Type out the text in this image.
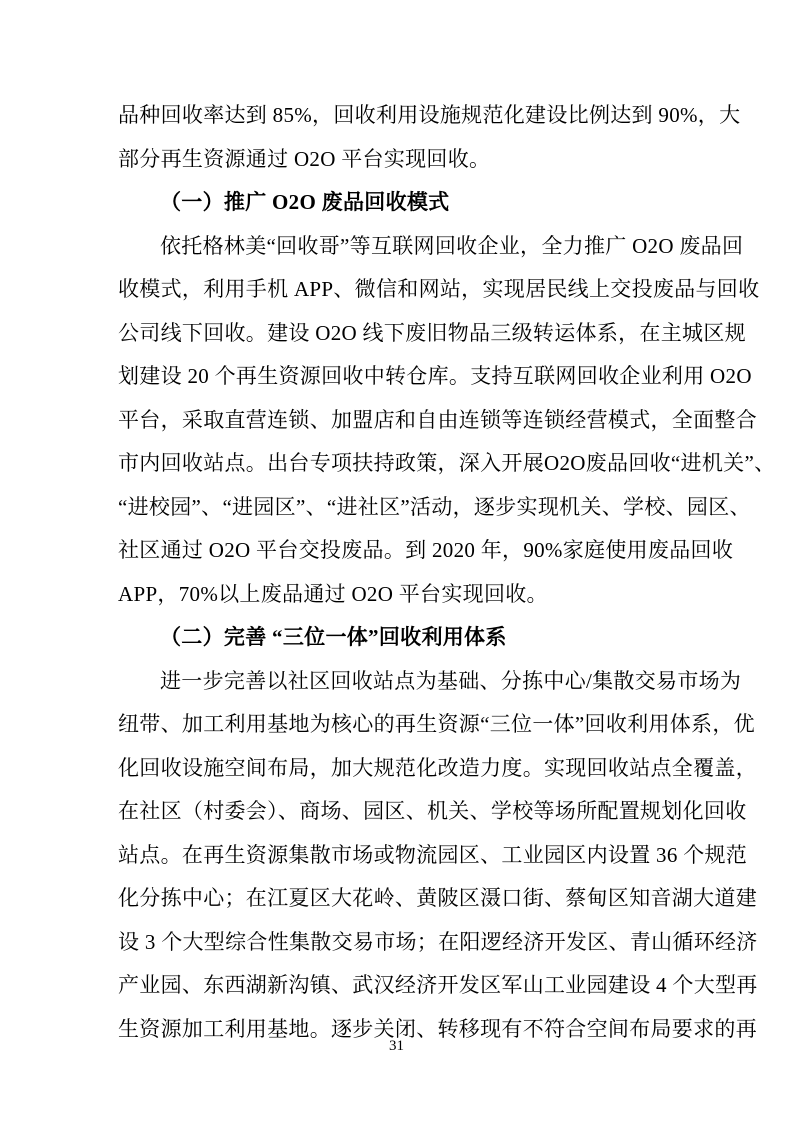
品种回收率达到 85%，回收利用设施规范化建设比例达到 90%，大
部分再生资源通过 O2O 平台实现回收。
（一）推广 O2O 废品回收模式
依托格林美“回收哥”等互联网回收企业，全力推广 O2O 废品回
收模式，利用手机 APP、微信和网站，实现居民线上交投废品与回收
公司线下回收。建设 O2O 线下废旧物品三级转运体系，在主城区规
划建设 20 个再生资源回收中转仓库。支持互联网回收企业利用 O2O
平台，采取直营连锁、加盟店和自由连锁等连锁经营模式，全面整合
市内回收站点。出台专项扶持政策，深入开展O2O废品回收“进机关”、
“进校园”、“进园区”、“进社区”活动，逐步实现机关、学校、园区、
社区通过 O2O 平台交投废品。到 2020 年，90%家庭使用废品回收
APP，70%以上废品通过 O2O 平台实现回收。
（二）完善 “三位一体”回收利用体系
进一步完善以社区回收站点为基础、分拣中心/集散交易市场为
纽带、加工利用基地为核心的再生资源“三位一体”回收利用体系，优
化回收设施空间布局，加大规范化改造力度。实现回收站点全覆盖，
在社区（村委会）、商场、园区、机关、学校等场所配置规划化回收
站点。在再生资源集散市场或物流园区、工业园区内设置 36 个规范
化分拣中心；在江夏区大花岭、黄陂区滠口街、蔡甸区知音湖大道建
设 3 个大型综合性集散交易市场；在阳逻经济开发区、青山循环经济
产业园、东西湖新沟镇、武汉经济开发区军山工业园建设 4 个大型再
生资源加工利用基地。逐步关闭、转移现有不符合空间布局要求的再
31
